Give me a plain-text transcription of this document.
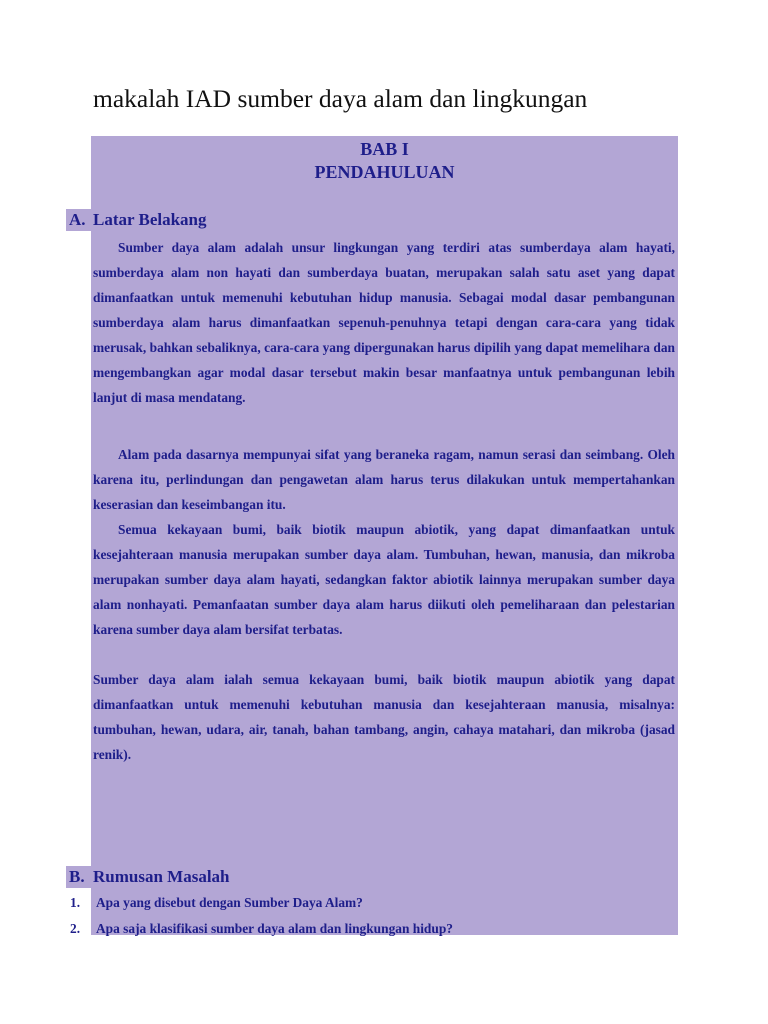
makalah IAD sumber daya alam dan lingkungan
BAB I
PENDAHULUAN
A. Latar Belakang

Sumber daya alam adalah unsur lingkungan yang terdiri atas sumberdaya alam hayati, sumberdaya alam non hayati dan sumberdaya buatan, merupakan salah satu aset yang dapat dimanfaatkan untuk memenuhi kebutuhan hidup manusia. Sebagai modal dasar pembangunan sumberdaya alam harus dimanfaatkan sepenuh-penuhnya tetapi dengan cara-cara yang tidak merusak, bahkan sebaliknya, cara-cara yang dipergunakan harus dipilih yang dapat memelihara dan mengembangkan agar modal dasar tersebut makin besar manfaatnya untuk pembangunan lebih lanjut di masa mendatang.

Alam pada dasarnya mempunyai sifat yang beraneka ragam, namun serasi dan seimbang. Oleh karena itu, perlindungan dan pengawetan alam harus terus dilakukan untuk mempertahankan keserasian dan keseimbangan itu.

Semua kekayaan bumi, baik biotik maupun abiotik, yang dapat dimanfaatkan untuk kesejahteraan manusia merupakan sumber daya alam. Tumbuhan, hewan, manusia, dan mikroba merupakan sumber daya alam hayati, sedangkan faktor abiotik lainnya merupakan sumber daya alam nonhayati. Pemanfaatan sumber daya alam harus diikuti oleh pemeliharaan dan pelestarian karena sumber daya alam bersifat terbatas.

Sumber daya alam ialah semua kekayaan bumi, baik biotik maupun abiotik yang dapat dimanfaatkan untuk memenuhi kebutuhan manusia dan kesejahteraan manusia, misalnya: tumbuhan, hewan, udara, air, tanah, bahan tambang, angin, cahaya matahari, dan mikroba (jasad renik).

B. Rumusan Masalah
1. Apa yang disebut dengan Sumber Daya Alam?
2. Apa saja klasifikasi sumber daya alam dan lingkungan hidup?
